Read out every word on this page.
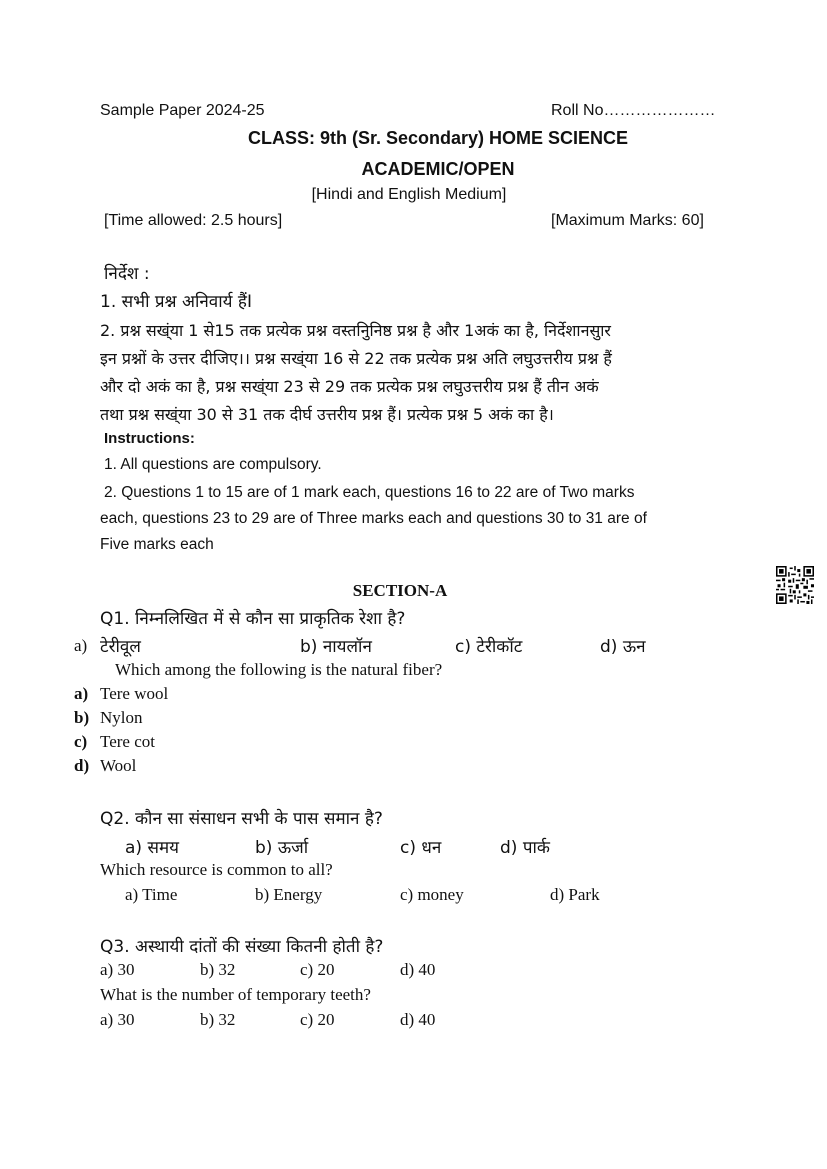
Sample Paper 2024-25	Roll No…………………
CLASS: 9th (Sr. Secondary) HOME SCIENCE
ACADEMIC/OPEN
[Hindi and English Medium]
[Time allowed: 2.5 hours]	[Maximum Marks: 60]
निर्देश :
1. सभी प्रश्न अनिवार्य हैंI
2. प्रश्न सख्ंया 1 से15 तक प्रत्येक प्रश्न वस्तनुिनिष्ठ प्रश्न है और 1अकं का है, निर्देशानसुार
इन प्रश्नों के उत्तर दीजिए।। प्रश्न सख्ंया 16 से 22 तक प्रत्येक प्रश्न अति लघुउत्तरीय प्रश्न हैं
और दो अकं का है, प्रश्न सख्ंया 23 से 29 तक प्रत्येक प्रश्न लघुउत्तरीय प्रश्न हैं तीन अकं
तथा प्रश्न सख्ंया 30 से 31 तक दीर्घ उत्तरीय प्रश्न हैं। प्रत्येक प्रश्न 5 अकं का है।
Instructions:
1. All questions are compulsory.
2. Questions 1 to 15 are of 1 mark each, questions 16 to 22 are of Two marks
each, questions 23 to 29 are of Three marks each and questions 30 to 31 are of
Five marks each
SECTION-A
Q1. निम्नलिखित में से कौन सा प्राकृतिक रेशा है?
a) टेरीवूल	b) नायलॉन	c) टेरीकॉट	d) ऊन
Which among the following is the natural fiber?
a) Tere wool
b) Nylon
c) Tere cot
d) Wool
Q2. कौन सा संसाधन सभी के पास समान है?
a) समय	b) ऊर्जा	c) धन	d) पार्क
Which resource is common to all?
a) Time	b) Energy	c) money	d) Park
Q3. अस्थायी दांतों की संख्या कितनी होती है?
a) 30	b) 32	c) 20	d) 40
What is the number of temporary teeth?
a) 30	b) 32	c) 20	d) 40
